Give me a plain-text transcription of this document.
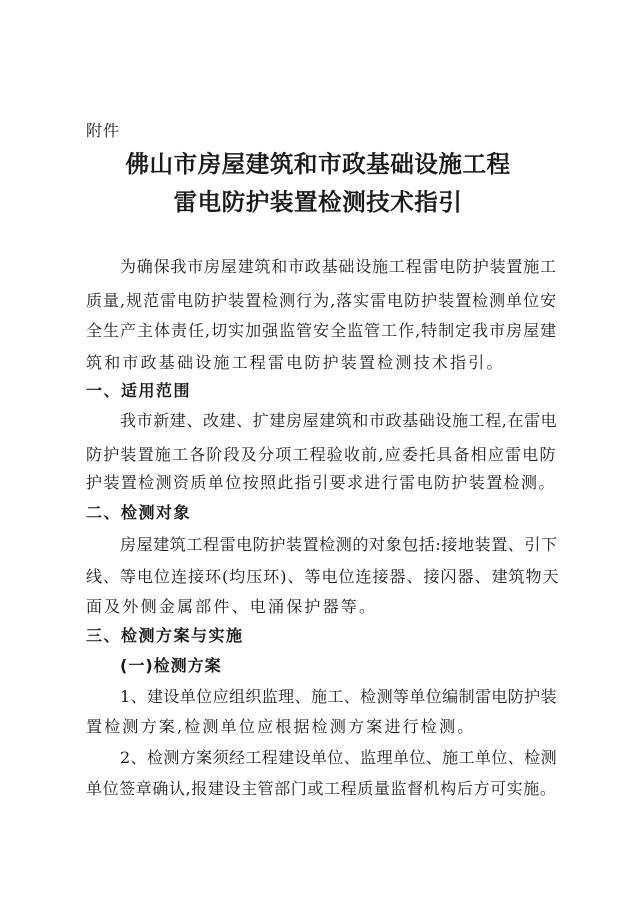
附件
佛山市房屋建筑和市政基础设施工程
雷电防护装置检测技术指引
为确保我市房屋建筑和市政基础设施工程雷电防护装置施工
质量,规范雷电防护装置检测行为,落实雷电防护装置检测单位安
全生产主体责任,切实加强监管安全监管工作,特制定我市房屋建
筑和市政基础设施工程雷电防护装置检测技术指引。
一、适用范围
我市新建、改建、扩建房屋建筑和市政基础设施工程,在雷电
防护装置施工各阶段及分项工程验收前,应委托具备相应雷电防
护装置检测资质单位按照此指引要求进行雷电防护装置检测。
二、检测对象
房屋建筑工程雷电防护装置检测的对象包括:接地装置、引下
线、等电位连接环(均压环)、等电位连接器、接闪器、建筑物天
面及外侧金属部件、电涌保护器等。
三、检测方案与实施
(一)检测方案
1、建设单位应组织监理、施工、检测等单位编制雷电防护装
置检测方案,检测单位应根据检测方案进行检测。
2、检测方案须经工程建设单位、监理单位、施工单位、检测
单位签章确认,报建设主管部门或工程质量监督机构后方可实施。
